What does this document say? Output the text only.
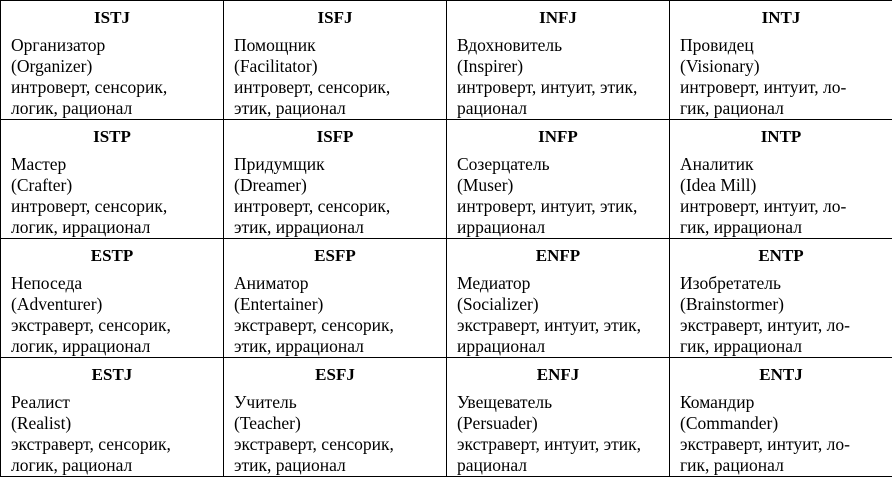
ISTJ
Организатор
(Organizer)
интроверт, сенсорик,
логик, рационал	ISFJ
Помощник
(Facilitator)
интроверт, сенсорик,
этик, рационал	INFJ
Вдохновитель
(Inspirer)
интроверт, интуит, этик,
рационал	INTJ
Провидец
(Visionary)
интроверт, интуит, ло-
гик, рационал

ISTP
Мастер
(Crafter)
интроверт, сенсорик,
логик, иррационал	ISFP
Придумщик
(Dreamer)
интроверт, сенсорик,
этик, иррационал	INFP
Созерцатель
(Muser)
интроверт, интуит, этик,
иррационал	INTP
Аналитик
(Idea Mill)
интроверт, интуит, ло-
гик, иррационал

ESTP
Непоседа
(Adventurer)
экстраверт, сенсорик,
логик, иррационал	ESFP
Аниматор
(Entertainer)
экстраверт, сенсорик,
этик, иррационал	ENFP
Медиатор
(Socializer)
экстраверт, интуит, этик,
иррационал	ENTP
Изобретатель
(Brainstormer)
экстраверт, интуит, ло-
гик, иррационал

ESTJ
Реалист
(Realist)
экстраверт, сенсорик,
логик, рационал	ESFJ
Учитель
(Teacher)
экстраверт, сенсорик,
этик, рационал	ENFJ
Увещеватель
(Persuader)
экстраверт, интуит, этик,
рационал	ENTJ
Командир
(Commander)
экстраверт, интуит, ло-
гик, рационал
